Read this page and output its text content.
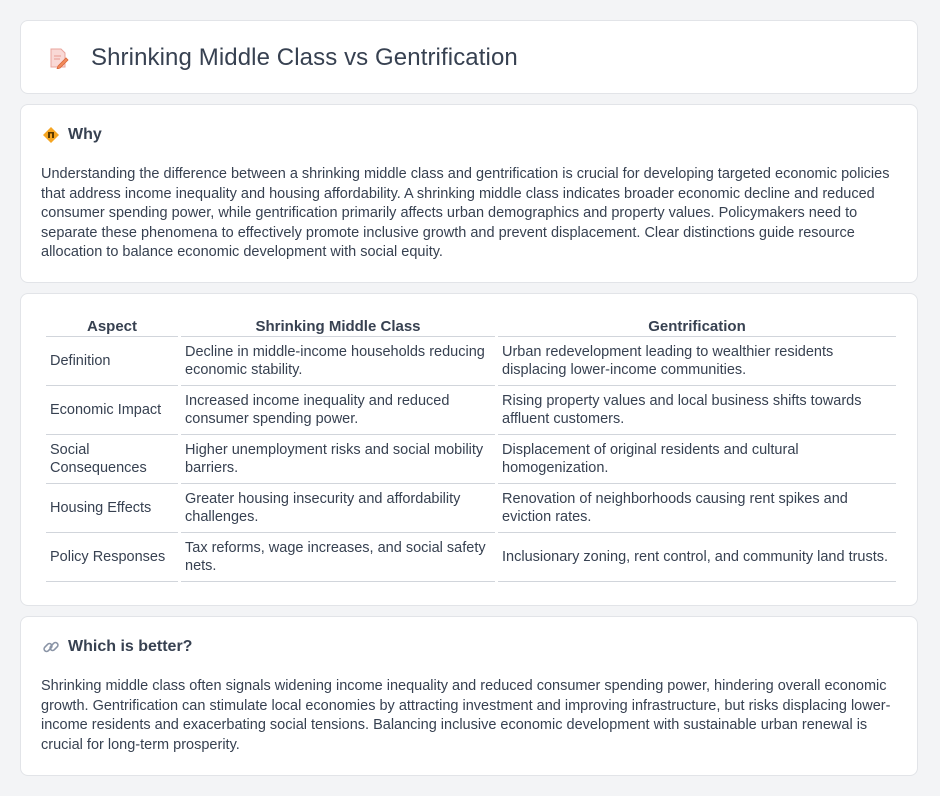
Shrinking Middle Class vs Gentrification
Why

Understanding the difference between a shrinking middle class and gentrification is crucial for developing targeted economic policies that address income inequality and housing affordability. A shrinking middle class indicates broader economic decline and reduced consumer spending power, while gentrification primarily affects urban demographics and property values. Policymakers need to separate these phenomena to effectively promote inclusive growth and prevent displacement. Clear distinctions guide resource allocation to balance economic development with social equity.

Aspect	Shrinking Middle Class	Gentrification
Definition	Decline in middle-income households reducing economic stability.	Urban redevelopment leading to wealthier residents displacing lower-income communities.
Economic Impact	Increased income inequality and reduced consumer spending power.	Rising property values and local business shifts towards affluent customers.
Social Consequences	Higher unemployment risks and social mobility barriers.	Displacement of original residents and cultural homogenization.
Housing Effects	Greater housing insecurity and affordability challenges.	Renovation of neighborhoods causing rent spikes and eviction rates.
Policy Responses	Tax reforms, wage increases, and social safety nets.	Inclusionary zoning, rent control, and community land trusts.
Which is better?

Shrinking middle class often signals widening income inequality and reduced consumer spending power, hindering overall economic growth. Gentrification can stimulate local economies by attracting investment and improving infrastructure, but risks displacing lower-income residents and exacerbating social tensions. Balancing inclusive economic development with sustainable urban renewal is crucial for long-term prosperity.
